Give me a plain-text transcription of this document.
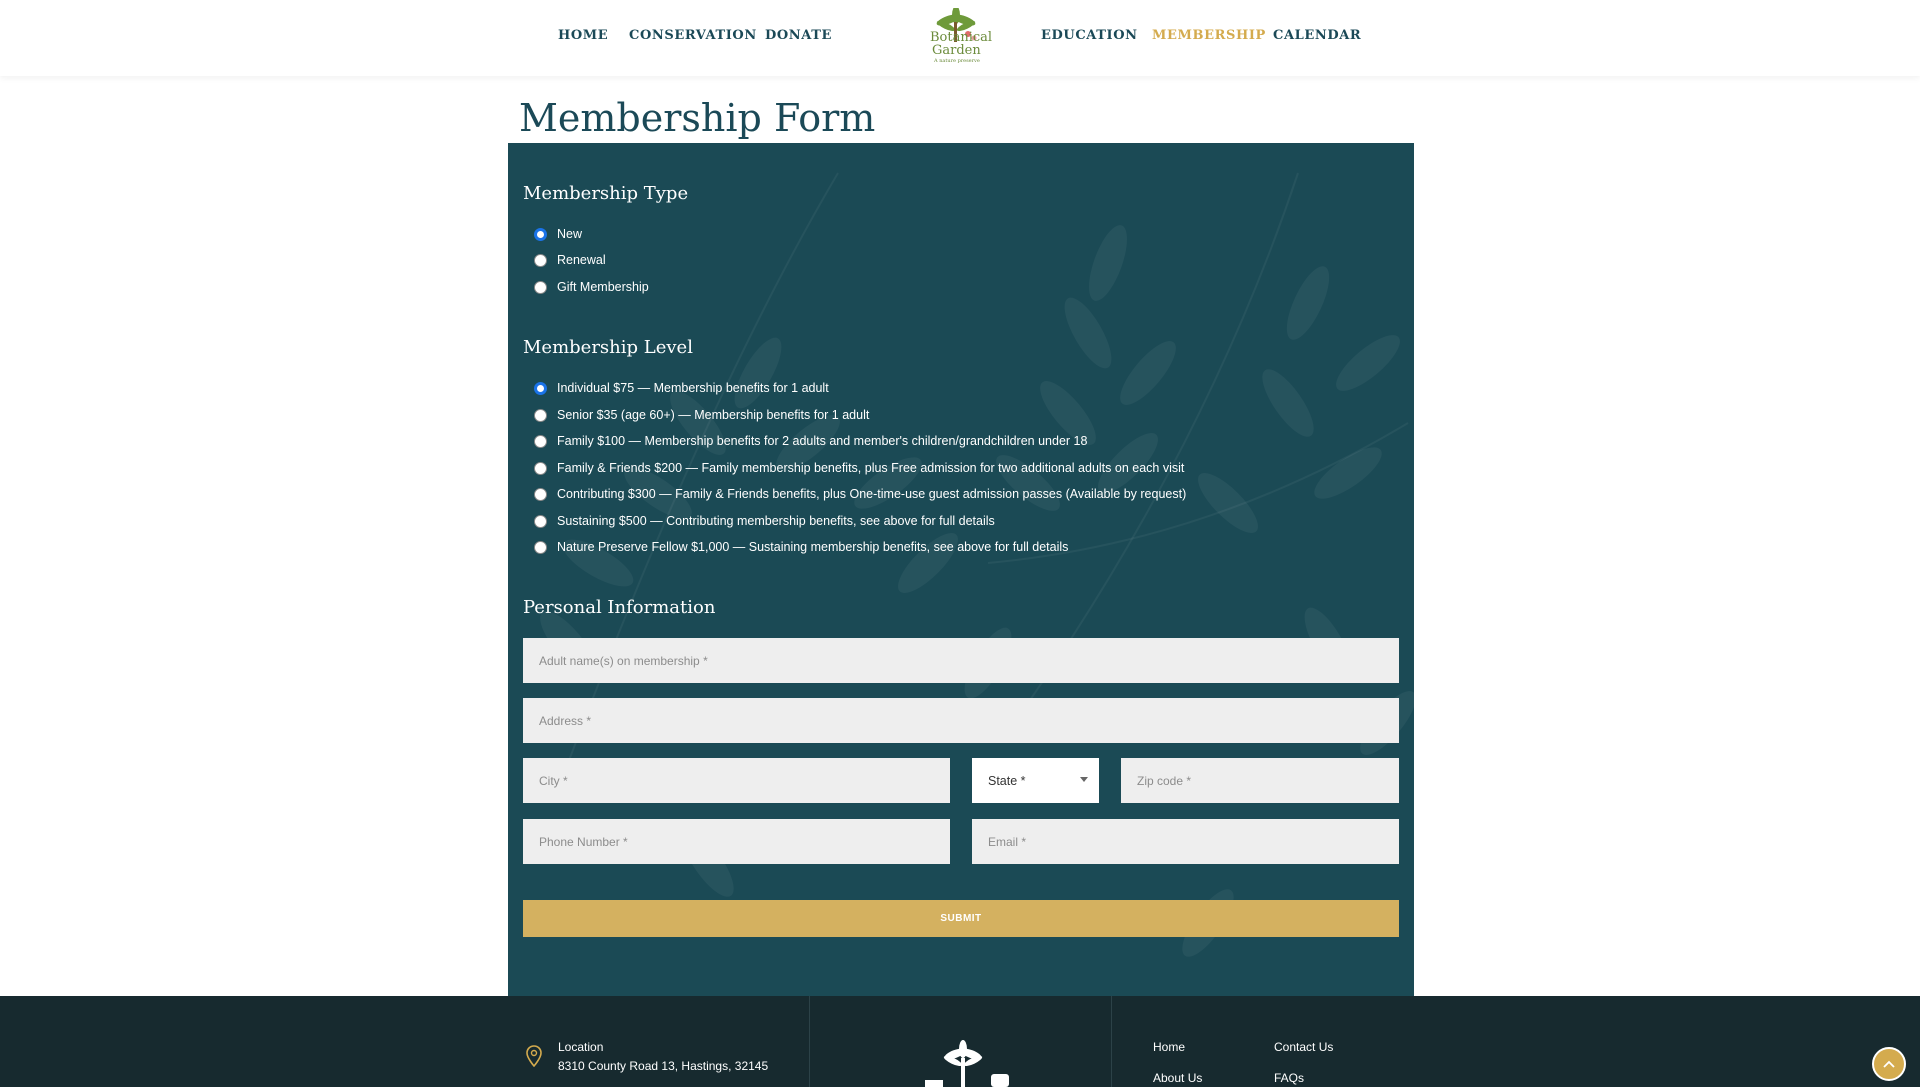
HOME CONSERVATION DONATE	Botanical
Garden
A nature preserve
EDUCATION MEMBERSHIP CALENDAR
Membership Form
Membership Type
New
Renewal
Gift Membership
Membership Level
Individual $75 — Membership benefits for 1 adult
Senior $35 (age 60+) — Membership benefits for 1 adult
Family $100 — Membership benefits for 2 adults and member's children/grandchildren under 18
Family & Friends $200 — Family membership benefits, plus Free admission for two additional adults on each visit
Contributing $300 — Family & Friends benefits, plus One-time-use guest admission passes (Available by request)
Sustaining $500 — Contributing membership benefits, see above for full details
Nature Preserve Fellow $1,000 — Sustaining membership benefits, see above for full details
Personal Information
Adult name(s) on membership *
Address *
City *
State *
Zip code *
Phone Number *
Email *
SUBMIT
Location
8310 County Road 13, Hastings, 32145
Home
About Us
Contact Us
FAQs
